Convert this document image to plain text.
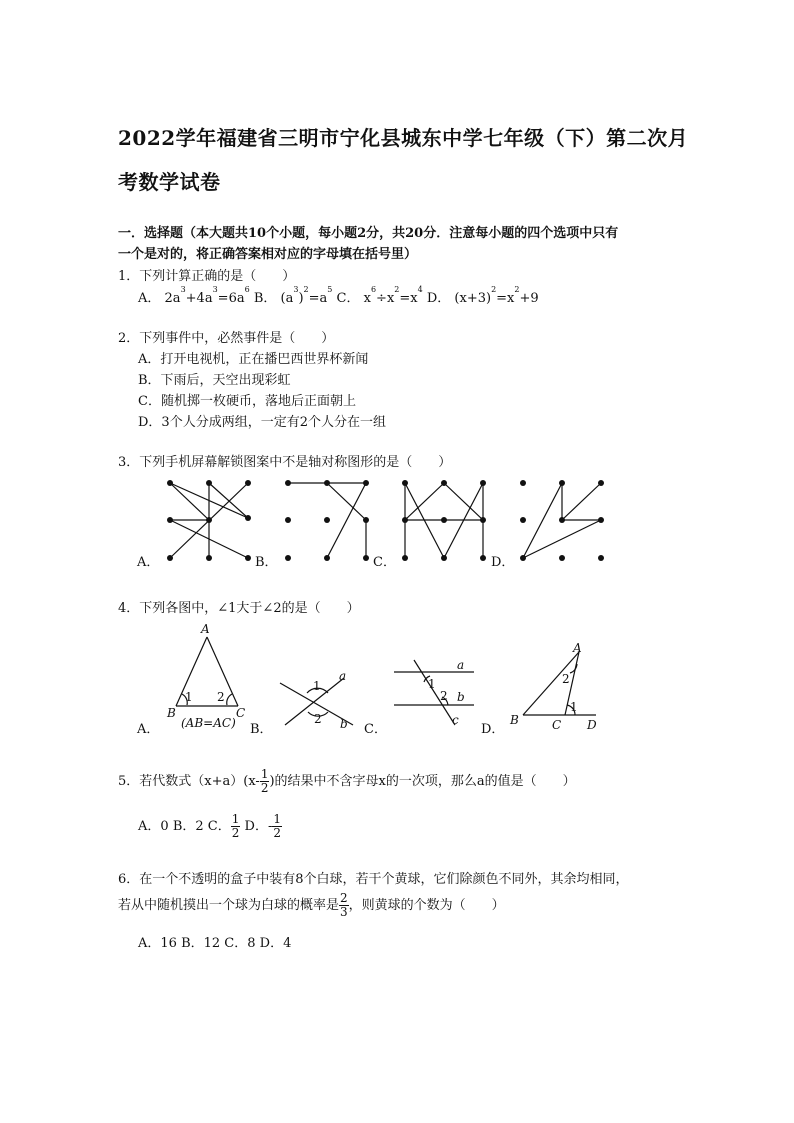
2022学年福建省三明市宁化县城东中学七年级（下）第二次月
考数学试卷
一．选择题（本大题共10个小题，每小题2分，共20分．注意每小题的四个选项中只有
一个是对的，将正确答案相对应的字母填在括号里）
1．下列计算正确的是（　　）
A． $2a^3+4a^3=6a^6$ B． $(a^3)^2=a^5$ C． $x^6\div x^2=x^4$ D． $(x+3)^2=x^2+9$
2．下列事件中，必然事件是（　　）
A．打开电视机，正在播巴西世界杯新闻
B．下雨后，天空出现彩虹
C．随机掷一枚硬币，落地后正面朝上
D．3个人分成两组，一定有2个人分在一组
3．下列手机屏幕解锁图案中不是轴对称图形的是（　　）
A．	B．	C．	D．
4．下列各图中，∠1大于∠2的是（　　）
A．	B．	C．	D．
A
B	C
1 2
(AB=AC)
1
2
a
b
a
b
c
1
2
A
B	C D
2
1
5．若代数式$(x+a)(x- \frac{1}{2}$ )的结果中不含字母x的一次项，那么a的值是（　　）
A．0 B．2 C． $\frac{1}{2}$ D．- $\frac{1}{2}$
6．在一个不透明的盒子中装有8个白球，若干个黄球，它们除颜色不同外，其余均相同，
若从中随机摸出一个球为白球的概率是 $\frac{2}{3}$ ，则黄球的个数为（　　）
A．16 B．12 C．8 D．4
